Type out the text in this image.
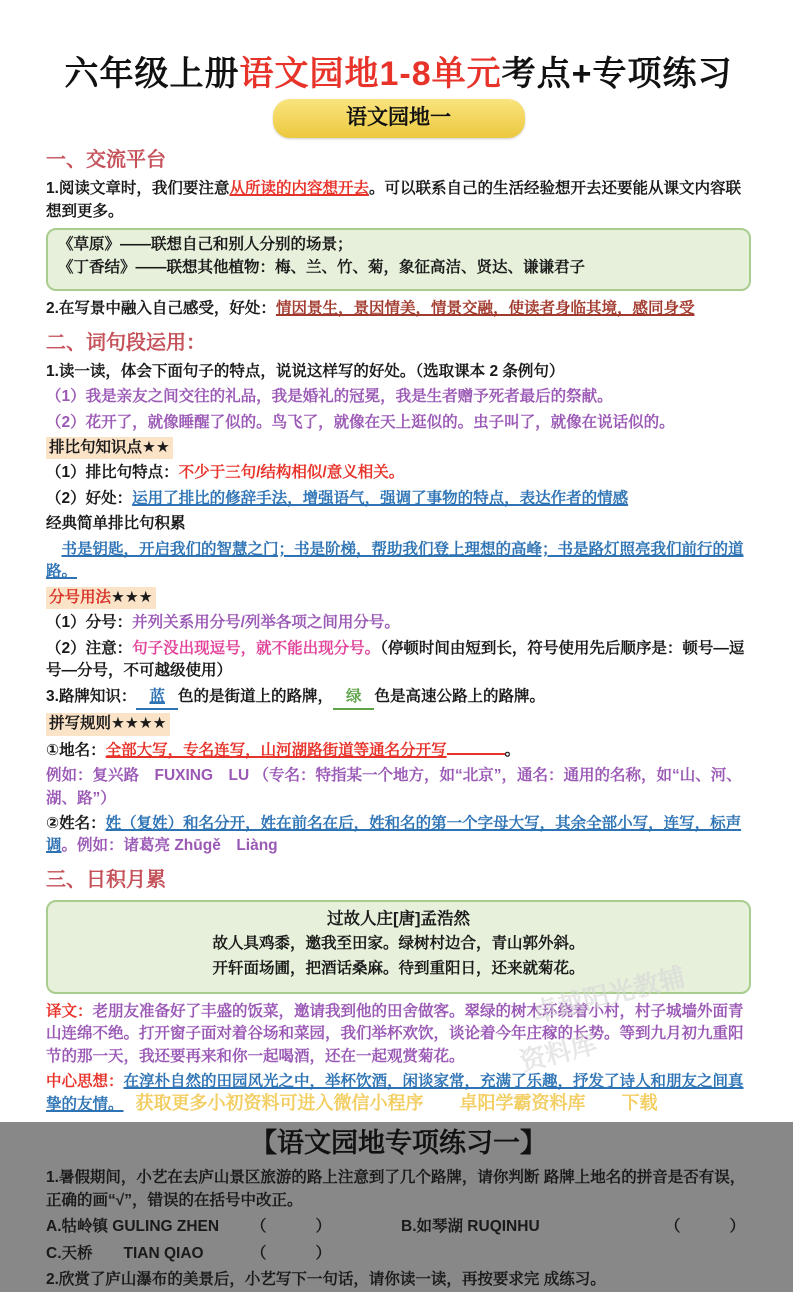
六年级上册语文园地1-8单元考点+专项练习
语文园地一
一、交流平台

1.阅读文章时，我们要注意从所读的内容想开去。可以联系自己的生活经验想开去还要能从课文内容联想到更多。

《草原》——联想自己和别人分别的场景；
《丁香结》——联想其他植物：梅、兰、竹、菊，象征高洁、贤达、谦谦君子

2.在写景中融入自己感受，好处：情因景生，景因情美，情景交融，使读者身临其境，感同身受

二、词句段运用：

1.读一读，体会下面句子的特点，说说这样写的好处。（选取课本 2 条例句）

（1）我是亲友之间交往的礼品，我是婚礼的冠冕，我是生者赠予死者最后的祭献。

（2）花开了，就像睡醒了似的。鸟飞了，就像在天上逛似的。虫子叫了，就像在说话似的。

排比句知识点★★

（1）排比句特点：不少于三句/结构相似/意义相关。

（2）好处：运用了排比的修辞手法，增强语气，强调了事物的特点，表达作者的情感

经典简单排比句积累

书是钥匙，开启我们的智慧之门；书是阶梯，帮助我们登上理想的高峰；书是路灯照亮我们前行的道路。

分号用法★★★

（1）分号：并列关系用分号/列举各项之间用分号。

（2）注意：句子没出现逗号，就不能出现分号。（停顿时间由短到长，符号使用先后顺序是：顿号—逗号—分号，不可越级使用）

3.路牌知识： 蓝 色的是街道上的路牌， 绿 色是高速公路上的路牌。

拼写规则★★★★

①地名：全部大写，专名连写，山河湖路街道等通名分开写	。

例如：复兴路　FUXING　LU （专名：特指某一个地方，如“北京”，通名：通用的名称，如“山、河、湖、路”）

②姓名：姓（复姓）和名分开，姓在前名在后，姓和名的第一个字母大写，其余全部小写，连写，标声调。例如：诸葛亮 Zhūgě　Liàng

三、日积月累
过故人庄[唐]孟浩然
故人具鸡黍，邀我至田家。绿树村边合，青山郭外斜。
开轩面场圃，把酒话桑麻。待到重阳日，还来就菊花。

译文：老朋友准备好了丰盛的饭菜，邀请我到他的田舍做客。翠绿的树木环绕着小村，村子城墙外面青山连绵不绝。打开窗子面对着谷场和菜园，我们举杯欢饮，谈论着今年庄稼的长势。等到九月初九重阳节的那一天，我还要再来和你一起喝酒，还在一起观赏菊花。

中心思想：在淳朴自然的田园风光之中，举杯饮酒，闲谈家常，充满了乐趣，抒发了诗人和朋友之间真挚的友情。

【语文园地专项练习一】

1.暑假期间，小艺在去庐山景区旅游的路上注意到了几个路牌，请你判断 路牌上地名的拼音是否有误，正确的画“√”，错误的在括号中改正。

A.牯岭镇 GULING ZHEN	（　　）	B.如琴湖 RUQINHU	（　　）
C.天桥　　TIAN QIAO	（　　）

2.欣赏了庐山瀑布的美景后，小艺写下一句话，请你读一读，再按要求完 成练习。

卓越阳光教辅
资料库
获取更多小初资料可进入微信小程序　　卓阳学霸资料库　　下载
